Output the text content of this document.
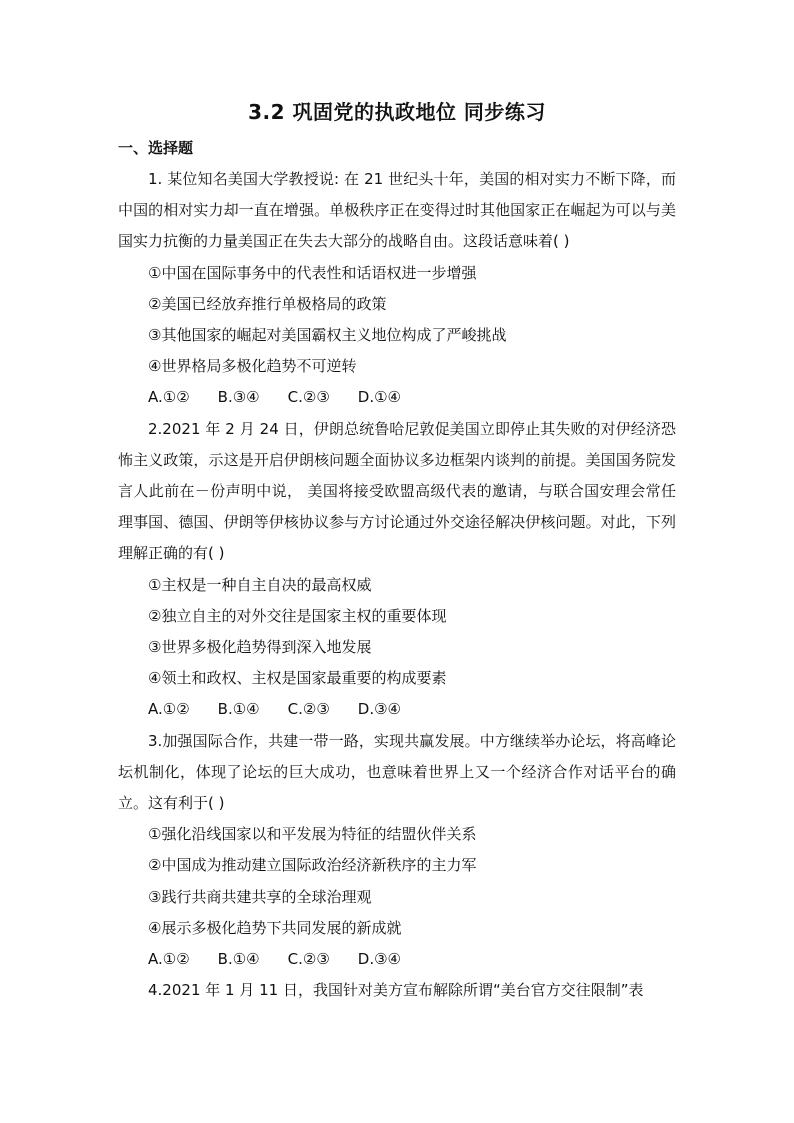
3.2 巩固党的执政地位 同步练习
一、选择题

1. 某位知名美国大学教授说: 在 21 世纪头十年，美国的相对实力不断下降，而中国的相对实力却一直在增强。单极秩序正在变得过时其他国家正在崛起为可以与美国实力抗衡的力量美国正在失去大部分的战略自由。这段话意味着( )

①中国在国际事务中的代表性和话语权进一步增强

②美国已经放弃推行单极格局的政策

③其他国家的崛起对美国霸权主义地位构成了严峻挑战

④世界格局多极化趋势不可逆转

A.①② B.③④ C.②③ D.①④

2.2021 年 2 月 24 日，伊朗总统鲁哈尼敦促美国立即停止其失败的对伊经济恐怖主义政策，示这是开启伊朗核问题全面协议多边框架内谈判的前提。美国国务院发言人此前在－份声明中说， 美国将接受欧盟高级代表的邀请，与联合国安理会常任理事国、德国、伊朗等伊核协议参与方讨论通过外交途径解决伊核问题。对此，下列理解正确的有( )

①主权是一种自主自决的最高权威

②独立自主的对外交往是国家主权的重要体现

③世界多极化趋势得到深入地发展

④领土和政权、主权是国家最重要的构成要素

A.①② B.①④ C.②③ D.③④

3.加强国际合作，共建一带一路，实现共赢发展。中方继续举办论坛，将高峰论坛机制化，体现了论坛的巨大成功，也意味着世界上又一个经济合作对话平台的确立。这有利于( )

①强化沿线国家以和平发展为特征的结盟伙伴关系

②中国成为推动建立国际政治经济新秩序的主力军

③践行共商共建共享的全球治理观

④展示多极化趋势下共同发展的新成就

A.①② B.①④ C.②③ D.③④

4.2021 年 1 月 11 日，我国针对美方宣布解除所谓“美台官方交往限制”表
